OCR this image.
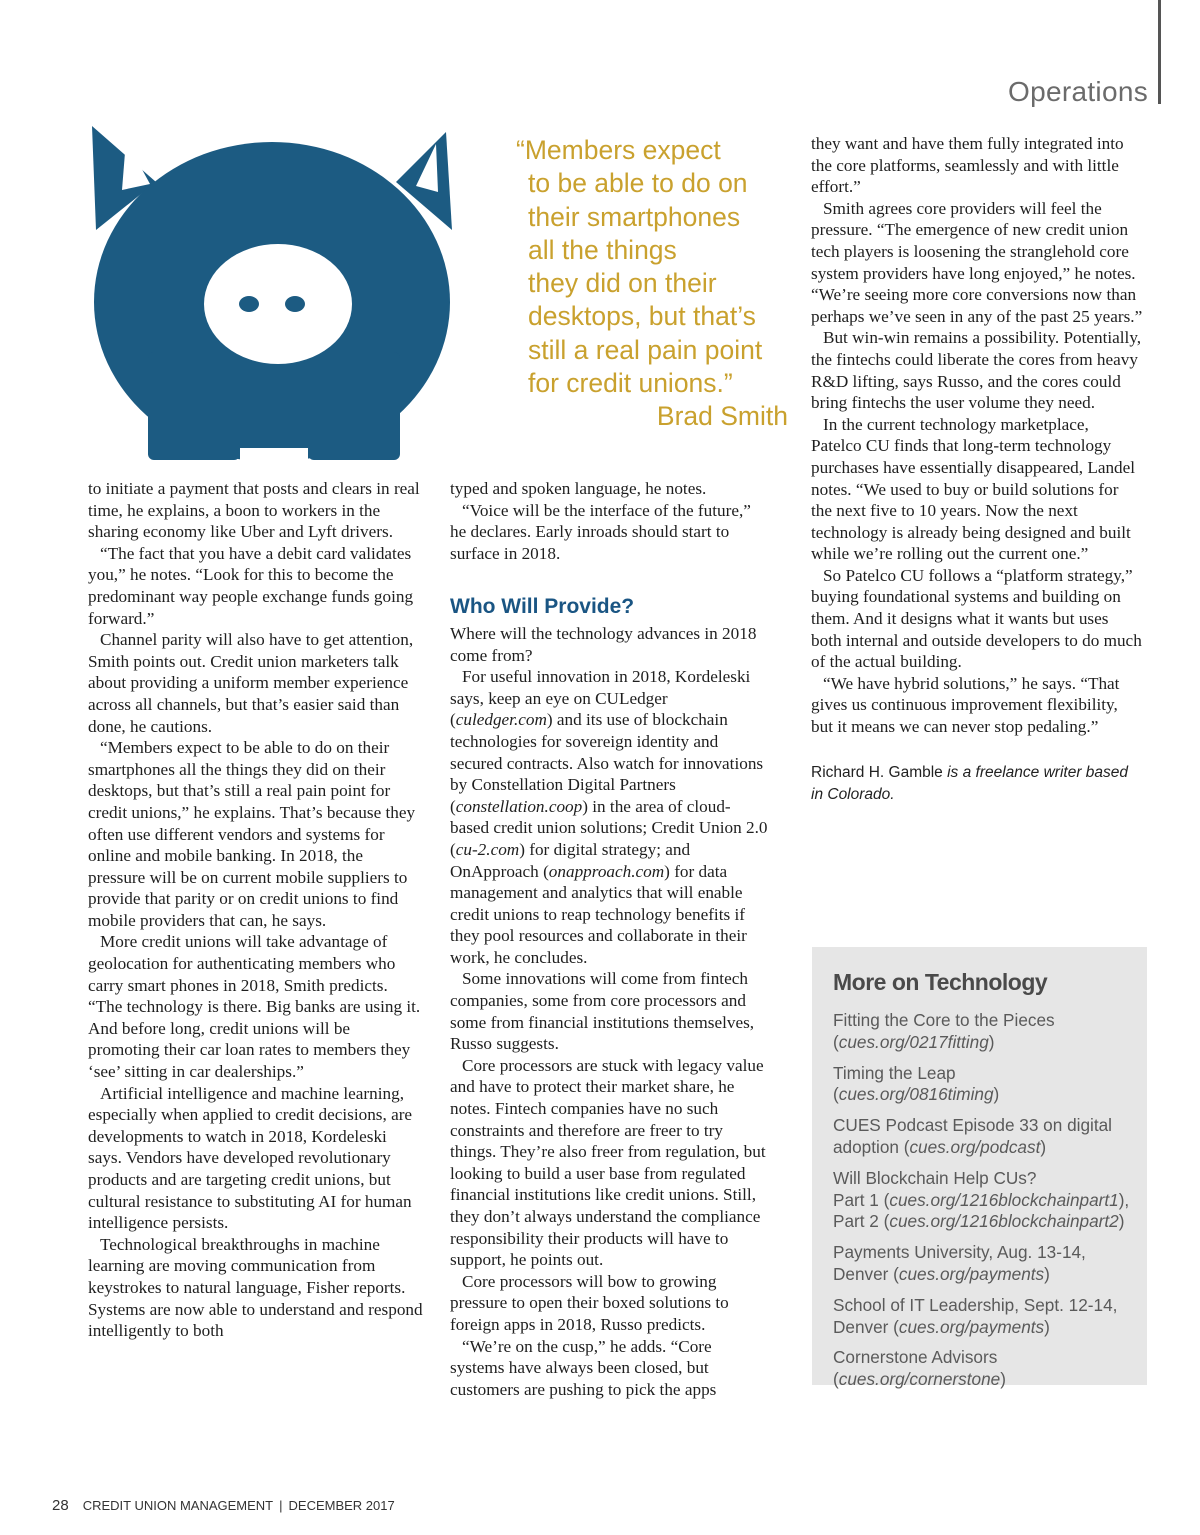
Operations
“Members expect
to be able to do on
their smartphones
all the things
they did on their
desktops, but that’s
still a real pain point
for credit unions.”
Brad Smith

to initiate a payment that posts and clears in real time, he explains, a boon to workers in the sharing economy like Uber and Lyft drivers.

“The fact that you have a debit card validates you,” he notes. “Look for this to become the predominant way people exchange funds going forward.”

Channel parity will also have to get attention, Smith points out. Credit union marketers talk about providing a uniform member experience across all channels, but that’s easier said than done, he cautions.

“Members expect to be able to do on their smartphones all the things they did on their desktops, but that’s still a real pain point for credit unions,” he explains. That’s because they often use different vendors and systems for online and mobile banking. In 2018, the pressure will be on current mobile suppliers to provide that parity or on credit unions to find mobile providers that can, he says.

More credit unions will take advantage of geolocation for authenticating members who carry smart phones in 2018, Smith predicts. “The technology is there. Big banks are using it. And before long, credit unions will be promoting their car loan rates to members they ‘see’ sitting in car dealerships.”

Artificial intelligence and machine learning, especially when applied to credit decisions, are developments to watch in 2018, Kordeleski says. Vendors have developed revolutionary products and are targeting credit unions, but cultural resistance to substituting AI for human intelligence persists.

Technological breakthroughs in machine learning are moving communication from keystrokes to natural language, Fisher reports. Systems are now able to understand and respond intelligently to both

typed and spoken language, he notes.

“Voice will be the interface of the future,” he declares. Early inroads should start to surface in 2018.

Who Will Provide?

Where will the technology advances in 2018 come from?

For useful innovation in 2018, Kordeleski says, keep an eye on CULedger (culedger.com) and its use of blockchain technologies for sovereign identity and secured contracts. Also watch for innovations by Constellation Digital Partners (constellation.coop) in the area of cloud-based credit union solutions; Credit Union 2.0 (cu-2.com) for digital strategy; and OnApproach (onapproach.com) for data management and analytics that will enable credit unions to reap technology benefits if they pool resources and collaborate in their work, he concludes.

Some innovations will come from fintech companies, some from core processors and some from financial institutions themselves, Russo suggests.

Core processors are stuck with legacy value and have to protect their market share, he notes. Fintech companies have no such constraints and therefore are freer to try things. They’re also freer from regulation, but looking to build a user base from regulated financial institutions like credit unions. Still, they don’t always understand the compliance responsibility their products will have to support, he points out.

Core processors will bow to growing pressure to open their boxed solutions to foreign apps in 2018, Russo predicts.

“We’re on the cusp,” he adds. “Core systems have always been closed, but customers are pushing to pick the apps

they want and have them fully integrated into the core platforms, seamlessly and with little effort.”

Smith agrees core providers will feel the pressure. “The emergence of new credit union tech players is loosening the stranglehold core system providers have long enjoyed,” he notes. “We’re seeing more core conversions now than perhaps we’ve seen in any of the past 25 years.”

But win-win remains a possibility. Potentially, the fintechs could liberate the cores from heavy R&D lifting, says Russo, and the cores could bring fintechs the user volume they need.

In the current technology marketplace, Patelco CU finds that long-term technology purchases have essentially disappeared, Landel notes. “We used to buy or build solutions for the next five to 10 years. Now the next technology is already being designed and built while we’re rolling out the current one.”

So Patelco CU follows a “platform strategy,” buying foundational systems and building on them. And it designs what it wants but uses both internal and outside developers to do much of the actual building.

“We have hybrid solutions,” he says. “That gives us continuous improvement flexibility, but it means we can never stop pedaling.”

Richard H. Gamble is a freelance writer based in Colorado.
More on Technology
Fitting the Core to the Pieces
(cues.org/0217fitting)
Timing the Leap
(cues.org/0816timing)
CUES Podcast Episode 33 on digital adoption (cues.org/podcast)
Will Blockchain Help CUs?
Part 1 (cues.org/1216blockchainpart1),
Part 2 (cues.org/1216blockchainpart2)
Payments University, Aug. 13-14, Denver (cues.org/payments)
School of IT Leadership, Sept. 12-14, Denver (cues.org/payments)
Cornerstone Advisors
(cues.org/cornerstone)
28 CREDIT UNION MANAGEMENT | DECEMBER 2017
